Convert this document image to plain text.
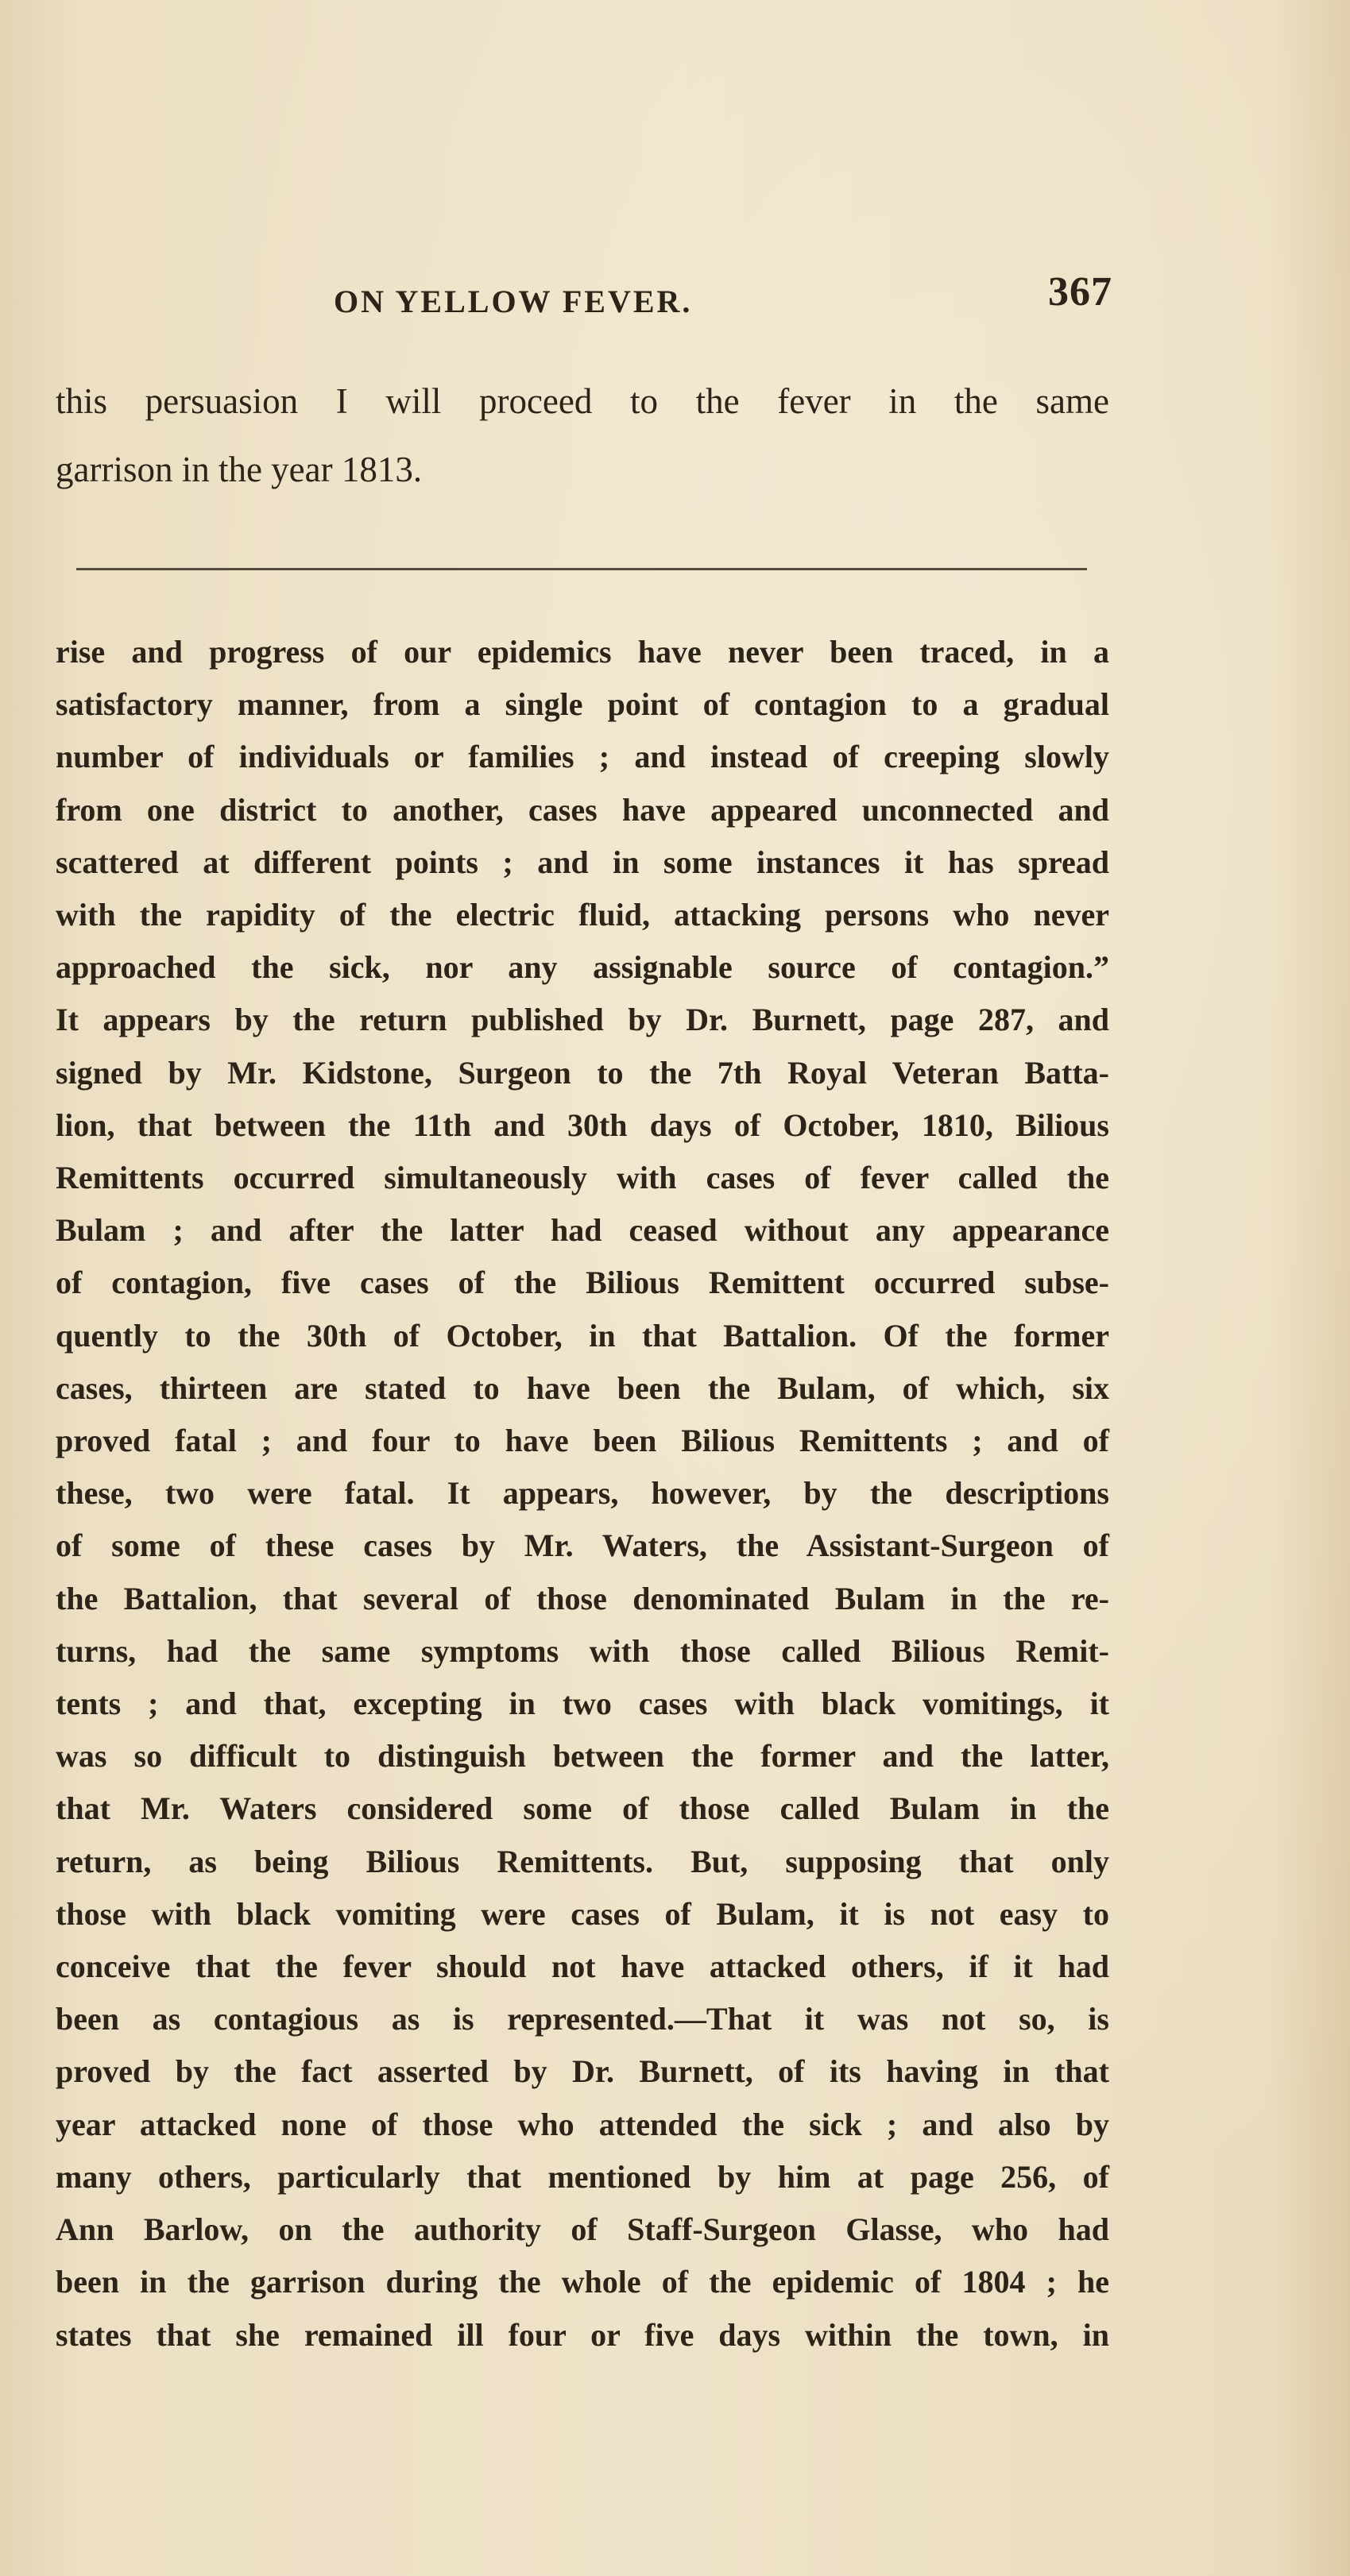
ON YELLOW FEVER.	367
this persuasion I will proceed to the fever in the same
garrison in the year 1813.
rise and progress of our epidemics have never been traced, in a
satisfactory manner, from a single point of contagion to a gradual
number of individuals or families ; and instead of creeping slowly
from one district to another, cases have appeared unconnected and
scattered at different points ; and in some instances it has spread
with the rapidity of the electric fluid, attacking persons who never
approached the sick, nor any assignable source of contagion.”
It appears by the return published by Dr. Burnett, page 287, and
signed by Mr. Kidstone, Surgeon to the 7th Royal Veteran Batta-
lion, that between the 11th and 30th days of October, 1810, Bilious
Remittents occurred simultaneously with cases of fever called the
Bulam ; and after the latter had ceased without any appearance
of contagion, five cases of the Bilious Remittent occurred subse-
quently to the 30th of October, in that Battalion. Of the former
cases, thirteen are stated to have been the Bulam, of which, six
proved fatal ; and four to have been Bilious Remittents ; and of
these, two were fatal. It appears, however, by the descriptions
of some of these cases by Mr. Waters, the Assistant-Surgeon of
the Battalion, that several of those denominated Bulam in the re-
turns, had the same symptoms with those called Bilious Remit-
tents ; and that, excepting in two cases with black vomitings, it
was so difficult to distinguish between the former and the latter,
that Mr. Waters considered some of those called Bulam in the
return, as being Bilious Remittents. But, supposing that only
those with black vomiting were cases of Bulam, it is not easy to
conceive that the fever should not have attacked others, if it had
been as contagious as is represented.—That it was not so, is
proved by the fact asserted by Dr. Burnett, of its having in that
year attacked none of those who attended the sick ; and also by
many others, particularly that mentioned by him at page 256, of
Ann Barlow, on the authority of Staff-Surgeon Glasse, who had
been in the garrison during the whole of the epidemic of 1804 ; he
states that she remained ill four or five days within the town, in
